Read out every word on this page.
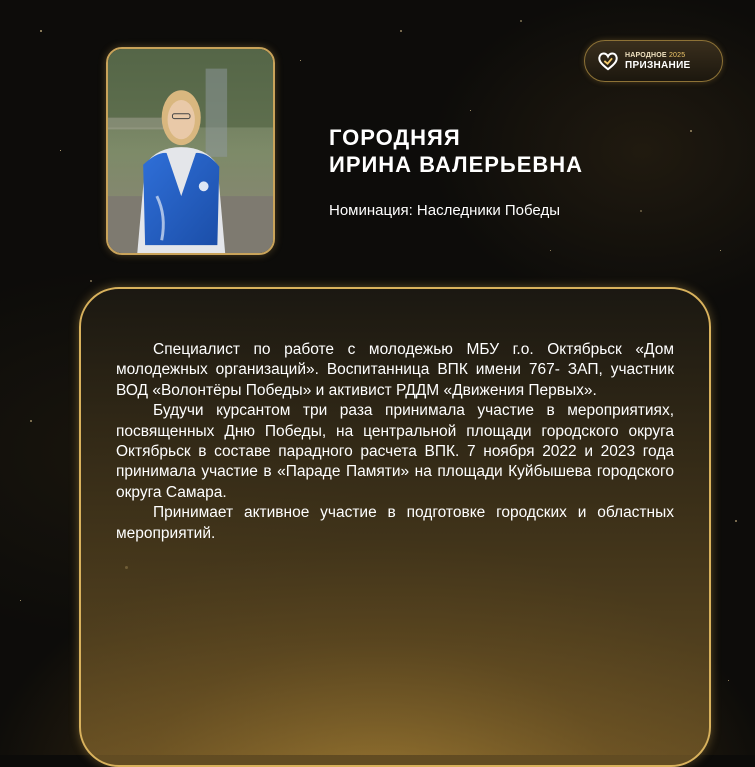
НАРОДНОЕ 2025
ПРИЗНАНИЕ
ГОРОДНЯЯ
ИРИНА ВАЛЕРЬЕВНА
Номинация: Наследники Победы

Специалист по работе с молодежью МБУ г.о. Октябрьск «Дом молодежных организаций». Воспитанница ВПК имени 767- ЗАП, участник ВОД «Волонтёры Победы» и активист РДДМ «Движения Первых».

Будучи курсантом три раза принимала участие в мероприятиях, посвященных Дню Победы, на центральной площади городского округа Октябрьск в составе парадного расчета ВПК. 7 ноября 2022 и 2023 года принимала участие в «Параде Памяти» на площади Куйбышева городского округа Самара.

Принимает активное участие в подготовке городских и областных мероприятий.
